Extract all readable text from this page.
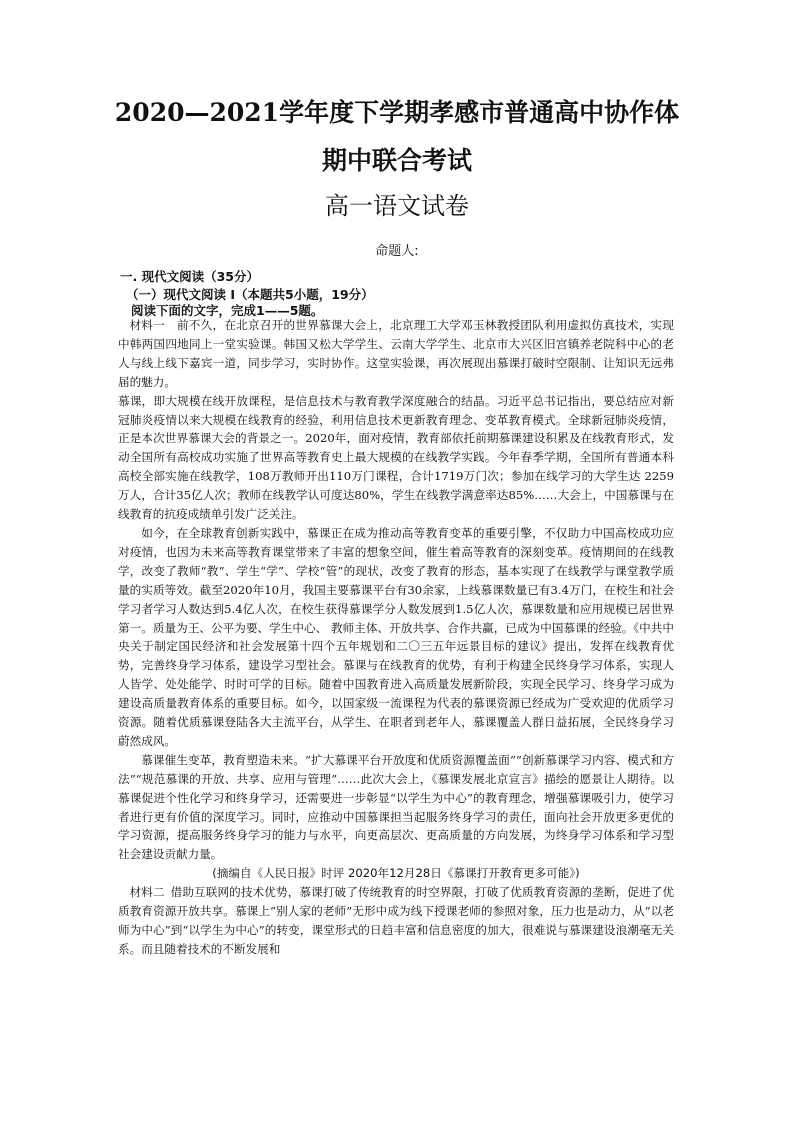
2020—2021学年度下学期孝感市普通高中协作体
期中联合考试
高一语文试卷
命题人:
一. 现代文阅读（35分）
（一）现代文阅读 I（本题共5小题，19分）
阅读下面的文字，完成1——5题。

材料一  前不久，在北京召开的世界慕课大会上，北京理工大学邓玉林教授团队利用虚拟仿真技术，实现中韩两国四地同上一堂实验课。韩国又松大学学生、云南大学学生、北京市大兴区旧宫镇养老院科中心的老人与线上线下嘉宾一道，同步学习，实时协作。这堂实验课，再次展现出慕课打破时空限制、让知识无远弗届的魅力。

慕课，即大规模在线开放课程，是信息技术与教育教学深度融合的结晶。习近平总书记指出，要总结应对新冠肺炎疫情以来大规模在线教育的经验，利用信息技术更新教育理念、变革教育模式。全球新冠肺炎疫情，正是本次世界慕课大会的背景之一。2020年，面对疫情，教育部依托前期慕课建设积累及在线教育形式，发动全国所有高校成功实施了世界高等教育史上最大规模的在线教学实践。今年春季学期，全国所有普通本科高校全部实施在线教学，108万教师开出110万门课程，合计1719万门次；参加在线学习的大学生达 2259万人，合计35亿人次；教师在线教学认可度达80%，学生在线教学满意率达85%……大会上，中国慕课与在线教育的抗疫成绩单引发广泛关注。

如今，在全球教育创新实践中，慕课正在成为推动高等教育变革的重要引擎，不仅助力中国高校成功应对疫情，也因为未来高等教育课堂带来了丰富的想象空间，催生着高等教育的深刻变革。疫情期间的在线教学，改变了教师“教”、学生“学”、学校“管”的现状，改变了教育的形态，基本实现了在线教学与课堂教学质量的实质等效。截至2020年10月，我国主要慕课平台有30余家，上线慕课数量已有3.4万门，在校生和社会学习者学习人数达到5.4亿人次，在校生获得慕课学分人数发展到1.5亿人次，慕课数量和应用规模已居世界第一。质量为王、公平为要、学生中心、 教师主体、开放共享、合作共赢，已成为中国慕课的经验。《中共中央关于制定国民经济和社会发展第十四个五年规划和二〇三五年远景目标的建议》提出，发挥在线教育优势，完善终身学习体系，建设学习型社会。慕课与在线教育的优势，有利于构建全民终身学习体系，实现人人皆学、处处能学、时时可学的目标。随着中国教育进入高质量发展新阶段，实现全民学习、终身学习成为建设高质量教育体系的重要目标。如今，以国家级一流课程为代表的慕课资源已经成为广受欢迎的优质学习资源。随着优质慕课登陆各大主流平台，从学生、在职者到老年人，慕课覆盖人群日益拓展，全民终身学习蔚然成风。

慕课催生变革，教育塑造未来。“扩大慕课平台开放度和优质资源覆盖面”“创新慕课学习内容、模式和方法”“规范慕课的开放、共享、应用与管理”……此次大会上，《慕课发展北京宣言》描绘的愿景让人期待。以慕课促进个性化学习和终身学习，还需要进一步彰显“以学生为中心”的教育理念，增强慕课吸引力，使学习者进行更有价值的深度学习。同时，应推动中国慕课担当起服务终身学习的责任，面向社会开放更多更优的学习资源，提高服务终身学习的能力与水平，向更高层次、更高质量的方向发展，为终身学习体系和学习型社会建设贡献力量。

(摘编自《人民日报》时评 2020年12月28日《慕课打开教育更多可能》)

材料二  借助互联网的技术优势，慕课打破了传统教育的时空界限，打破了优质教育资源的垄断，促进了优质教育资源开放共享。慕课上“别人家的老师”无形中成为线下授课老师的参照对象，压力也是动力，从“以老师为中心”到“以学生为中心”的转变，课堂形式的日趋丰富和信息密度的加大，很难说与慕课建设浪潮毫无关系。而且随着技术的不断发展和
